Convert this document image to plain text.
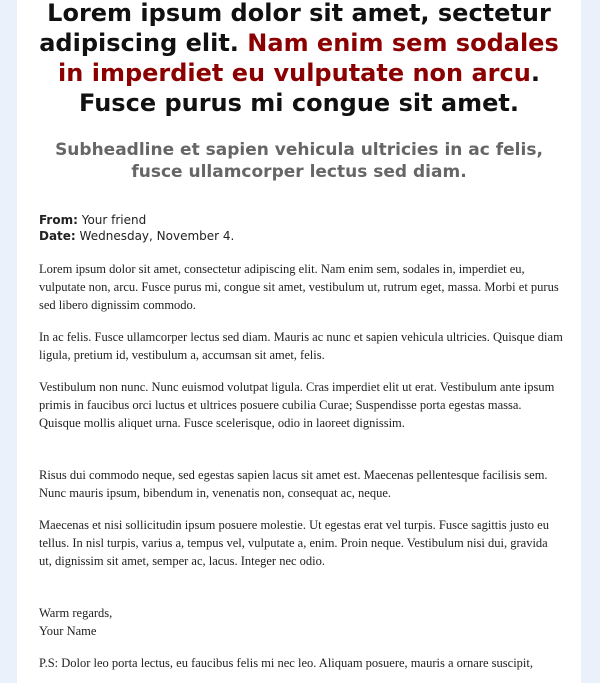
Lorem ipsum dolor sit amet, sectetur adipiscing elit. Nam enim sem sodales in imperdiet eu vulputate non arcu. Fusce purus mi congue sit amet.
Subheadline et sapien vehicula ultricies in ac felis, fusce ullamcorper lectus sed diam.
From: Your friend
Date: Wednesday, November 4.

Lorem ipsum dolor sit amet, consectetur adipiscing elit. Nam enim sem, sodales in, imperdiet eu, vulputate non, arcu. Fusce purus mi, congue sit amet, vestibulum ut, rutrum eget, massa. Morbi et purus sed libero dignissim commodo.

In ac felis. Fusce ullamcorper lectus sed diam. Mauris ac nunc et sapien vehicula ultricies. Quisque diam ligula, pretium id, vestibulum a, accumsan sit amet, felis.

Vestibulum non nunc. Nunc euismod volutpat ligula. Cras imperdiet elit ut erat. Vestibulum ante ipsum primis in faucibus orci luctus et ultrices posuere cubilia Curae; Suspendisse porta egestas massa. Quisque mollis aliquet urna. Fusce scelerisque, odio in laoreet dignissim.

Risus dui commodo neque, sed egestas sapien lacus sit amet est. Maecenas pellentesque facilisis sem. Nunc mauris ipsum, bibendum in, venenatis non, consequat ac, neque.

Maecenas et nisi sollicitudin ipsum posuere molestie. Ut egestas erat vel turpis. Fusce sagittis justo eu tellus. In nisl turpis, varius a, tempus vel, vulputate a, enim. Proin neque. Vestibulum nisi dui, gravida ut, dignissim sit amet, semper ac, lacus. Integer nec odio.

Warm regards,
Your Name

P.S: Dolor leo porta lectus, eu faucibus felis mi nec leo. Aliquam posuere, mauris a ornare suscipit,
